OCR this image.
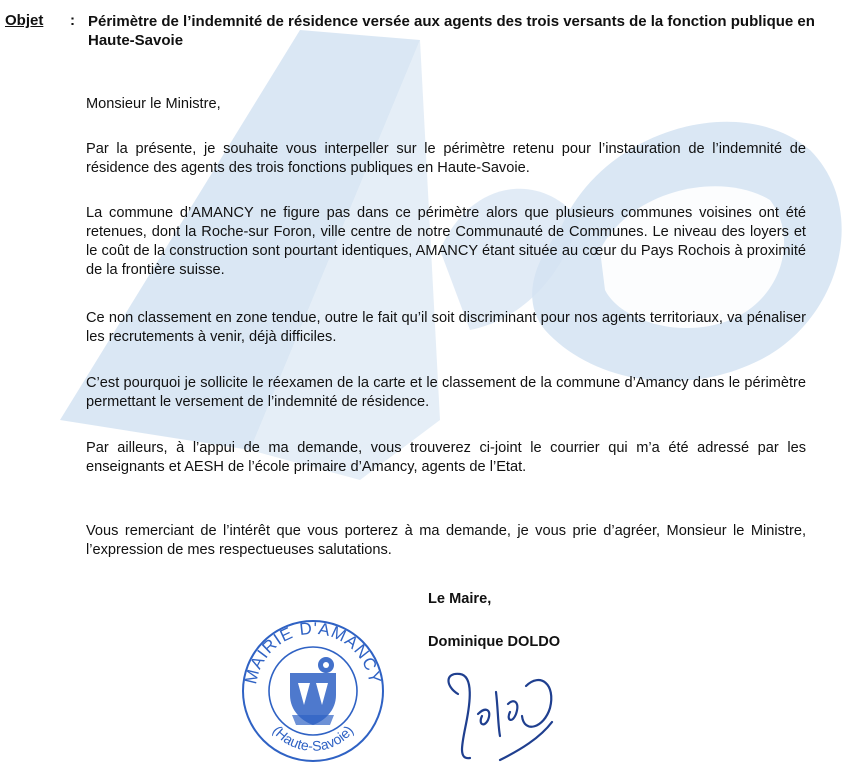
Objet : Périmètre de l’indemnité de résidence versée aux agents des trois versants de la fonction publique en Haute-Savoie
Monsieur le Ministre,
Par la présente, je souhaite vous interpeller sur le périmètre retenu pour l’instauration de l’indemnité de résidence des agents des trois fonctions publiques en Haute-Savoie.
La commune d’AMANCY ne figure pas dans ce périmètre alors que plusieurs communes voisines ont été retenues, dont la Roche-sur Foron, ville centre de notre Communauté de Communes. Le niveau des loyers et le coût de la construction sont pourtant identiques, AMANCY étant située au cœur du Pays Rochois à proximité de la frontière suisse.
Ce non classement en zone tendue, outre le fait qu’il soit discriminant pour nos agents territoriaux, va pénaliser les recrutements à venir, déjà difficiles.
C’est pourquoi je sollicite le réexamen de la carte et le classement de la commune d’Amancy dans le périmètre permettant le versement de l’indemnité de résidence.
Par ailleurs, à l’appui de ma demande, vous trouverez ci-joint le courrier qui m’a été adressé par les enseignants et AESH de l’école primaire d’Amancy, agents de l’Etat.
Vous remerciant de l’intérêt que vous porterez à ma demande, je vous prie d’agréer, Monsieur le Ministre, l’expression de mes respectueuses salutations.
Le Maire,
Dominique DOLDO
MAIRIE D'AMANCY
(Haute-Savoie)
